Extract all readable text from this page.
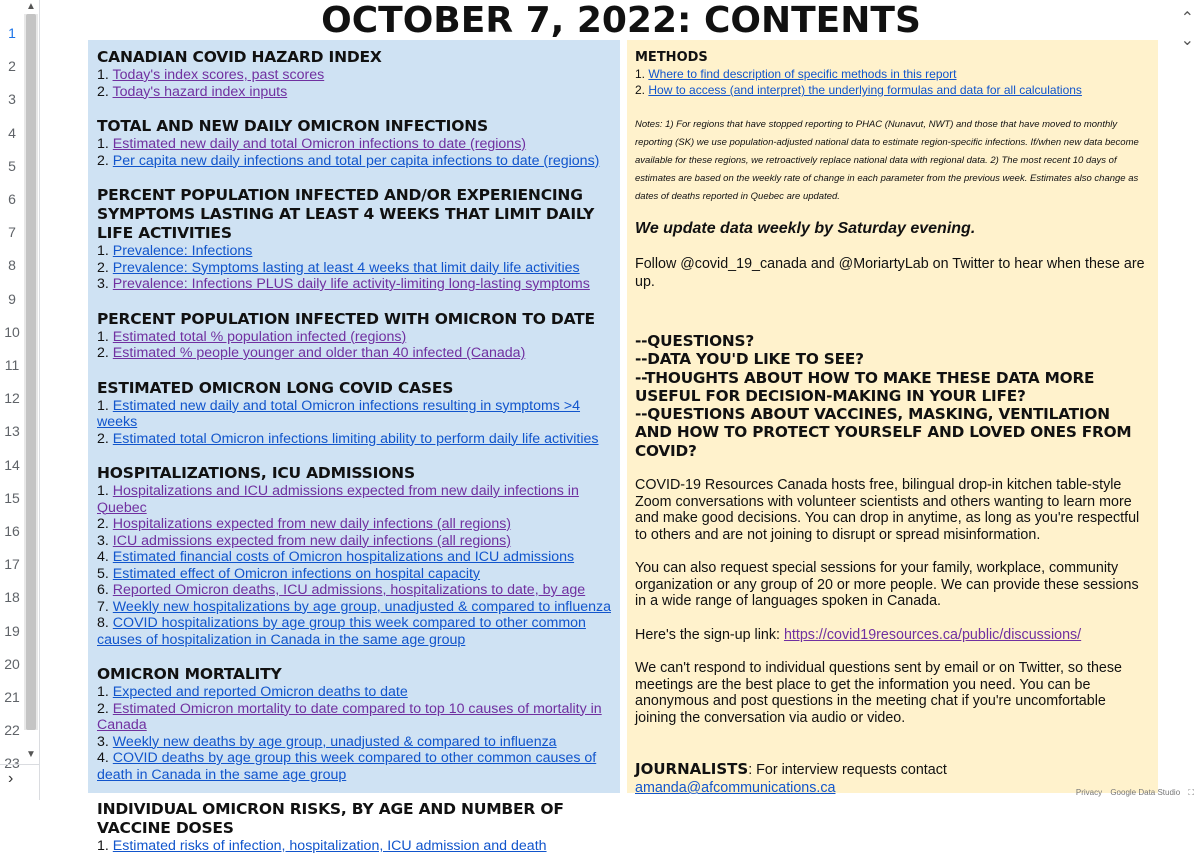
▲
▼
1
2
3
4
5
6
7
8
9
10
11
12
13
14
15
16
17
18
19
20
21
22
23
›
OCTOBER 7, 2022: CONTENTS
CANADIAN COVID HAZARD INDEX
1. Today's index scores, past scores
2. Today's hazard index inputs
TOTAL AND NEW DAILY OMICRON INFECTIONS
1. Estimated new daily and total Omicron infections to date (regions)
2. Per capita new daily infections and total per capita infections to date (regions)
PERCENT POPULATION INFECTED AND/OR EXPERIENCING SYMPTOMS LASTING AT LEAST 4 WEEKS THAT LIMIT DAILY LIFE ACTIVITIES
1. Prevalence: Infections
2. Prevalence: Symptoms lasting at least 4 weeks that limit daily life activities
3. Prevalence: Infections PLUS daily life activity-limiting long-lasting symptoms
PERCENT POPULATION INFECTED WITH OMICRON TO DATE
1. Estimated total % population infected (regions)
2. Estimated % people younger and older than 40 infected (Canada)
ESTIMATED OMICRON LONG COVID CASES
1. Estimated new daily and total Omicron infections resulting in symptoms >4 weeks
2. Estimated total Omicron infections limiting ability to perform daily life activities
HOSPITALIZATIONS, ICU ADMISSIONS
1. Hospitalizations and ICU admissions expected from new daily infections in Quebec
2. Hospitalizations expected from new daily infections (all regions)
3. ICU admissions expected from new daily infections (all regions)
4. Estimated financial costs of Omicron hospitalizations and ICU admissions
5. Estimated effect of Omicron infections on hospital capacity
6. Reported Omicron deaths, ICU admissions, hospitalizations to date, by age
7. Weekly new hospitalizations by age group, unadjusted & compared to influenza
8. COVID hospitalizations by age group this week compared to other common causes of hospitalization in Canada in the same age group
OMICRON MORTALITY
1. Expected and reported Omicron deaths to date
2. Estimated Omicron mortality to date compared to top 10 causes of mortality in Canada
3. Weekly new deaths by age group, unadjusted & compared to influenza
4. COVID deaths by age group this week compared to other common causes of death in Canada in the same age group
INDIVIDUAL OMICRON RISKS, BY AGE AND NUMBER OF VACCINE DOSES
1. Estimated risks of infection, hospitalization, ICU admission and death
METHODS
1. Where to find description of specific methods in this report
2. How to access (and interpret) the underlying formulas and data for all calculations
Notes: 1) For regions that have stopped reporting to PHAC (Nunavut, NWT) and those that have moved to monthly reporting (SK) we use population-adjusted national data to estimate region-specific infections. If/when new data become available for these regions, we retroactively replace national data with regional data. 2) The most recent 10 days of estimates are based on the weekly rate of change in each parameter from the previous week. Estimates also change as dates of deaths reported in Quebec are updated.
We update data weekly by Saturday evening.
Follow @covid_19_canada and @MoriartyLab on Twitter to hear when these are up.
--QUESTIONS?
--DATA YOU'D LIKE TO SEE?
--THOUGHTS ABOUT HOW TO MAKE THESE DATA MORE USEFUL FOR DECISION-MAKING IN YOUR LIFE?
--QUESTIONS ABOUT VACCINES, MASKING, VENTILATION AND HOW TO PROTECT YOURSELF AND LOVED ONES FROM COVID?
COVID-19 Resources Canada hosts free, bilingual drop-in kitchen table-style Zoom conversations with volunteer scientists and others wanting to learn more and make good decisions. You can drop in anytime, as long as you're respectful to others and are not joining to disrupt or spread misinformation.
You can also request special sessions for your family, workplace, community organization or any group of 20 or more people. We can provide these sessions in a wide range of languages spoken in Canada.
Here's the sign-up link: https://covid19resources.ca/public/discussions/
We can't respond to individual questions sent by email or on Twitter, so these meetings are the best place to get the information you need. You can be anonymous and post questions in the meeting chat if you're uncomfortable joining the conversation via audio or video.
JOURNALISTS: For interview requests contact amanda@afcommunications.ca
⌃
⌄
Privacy Google Data Studio ⛶
